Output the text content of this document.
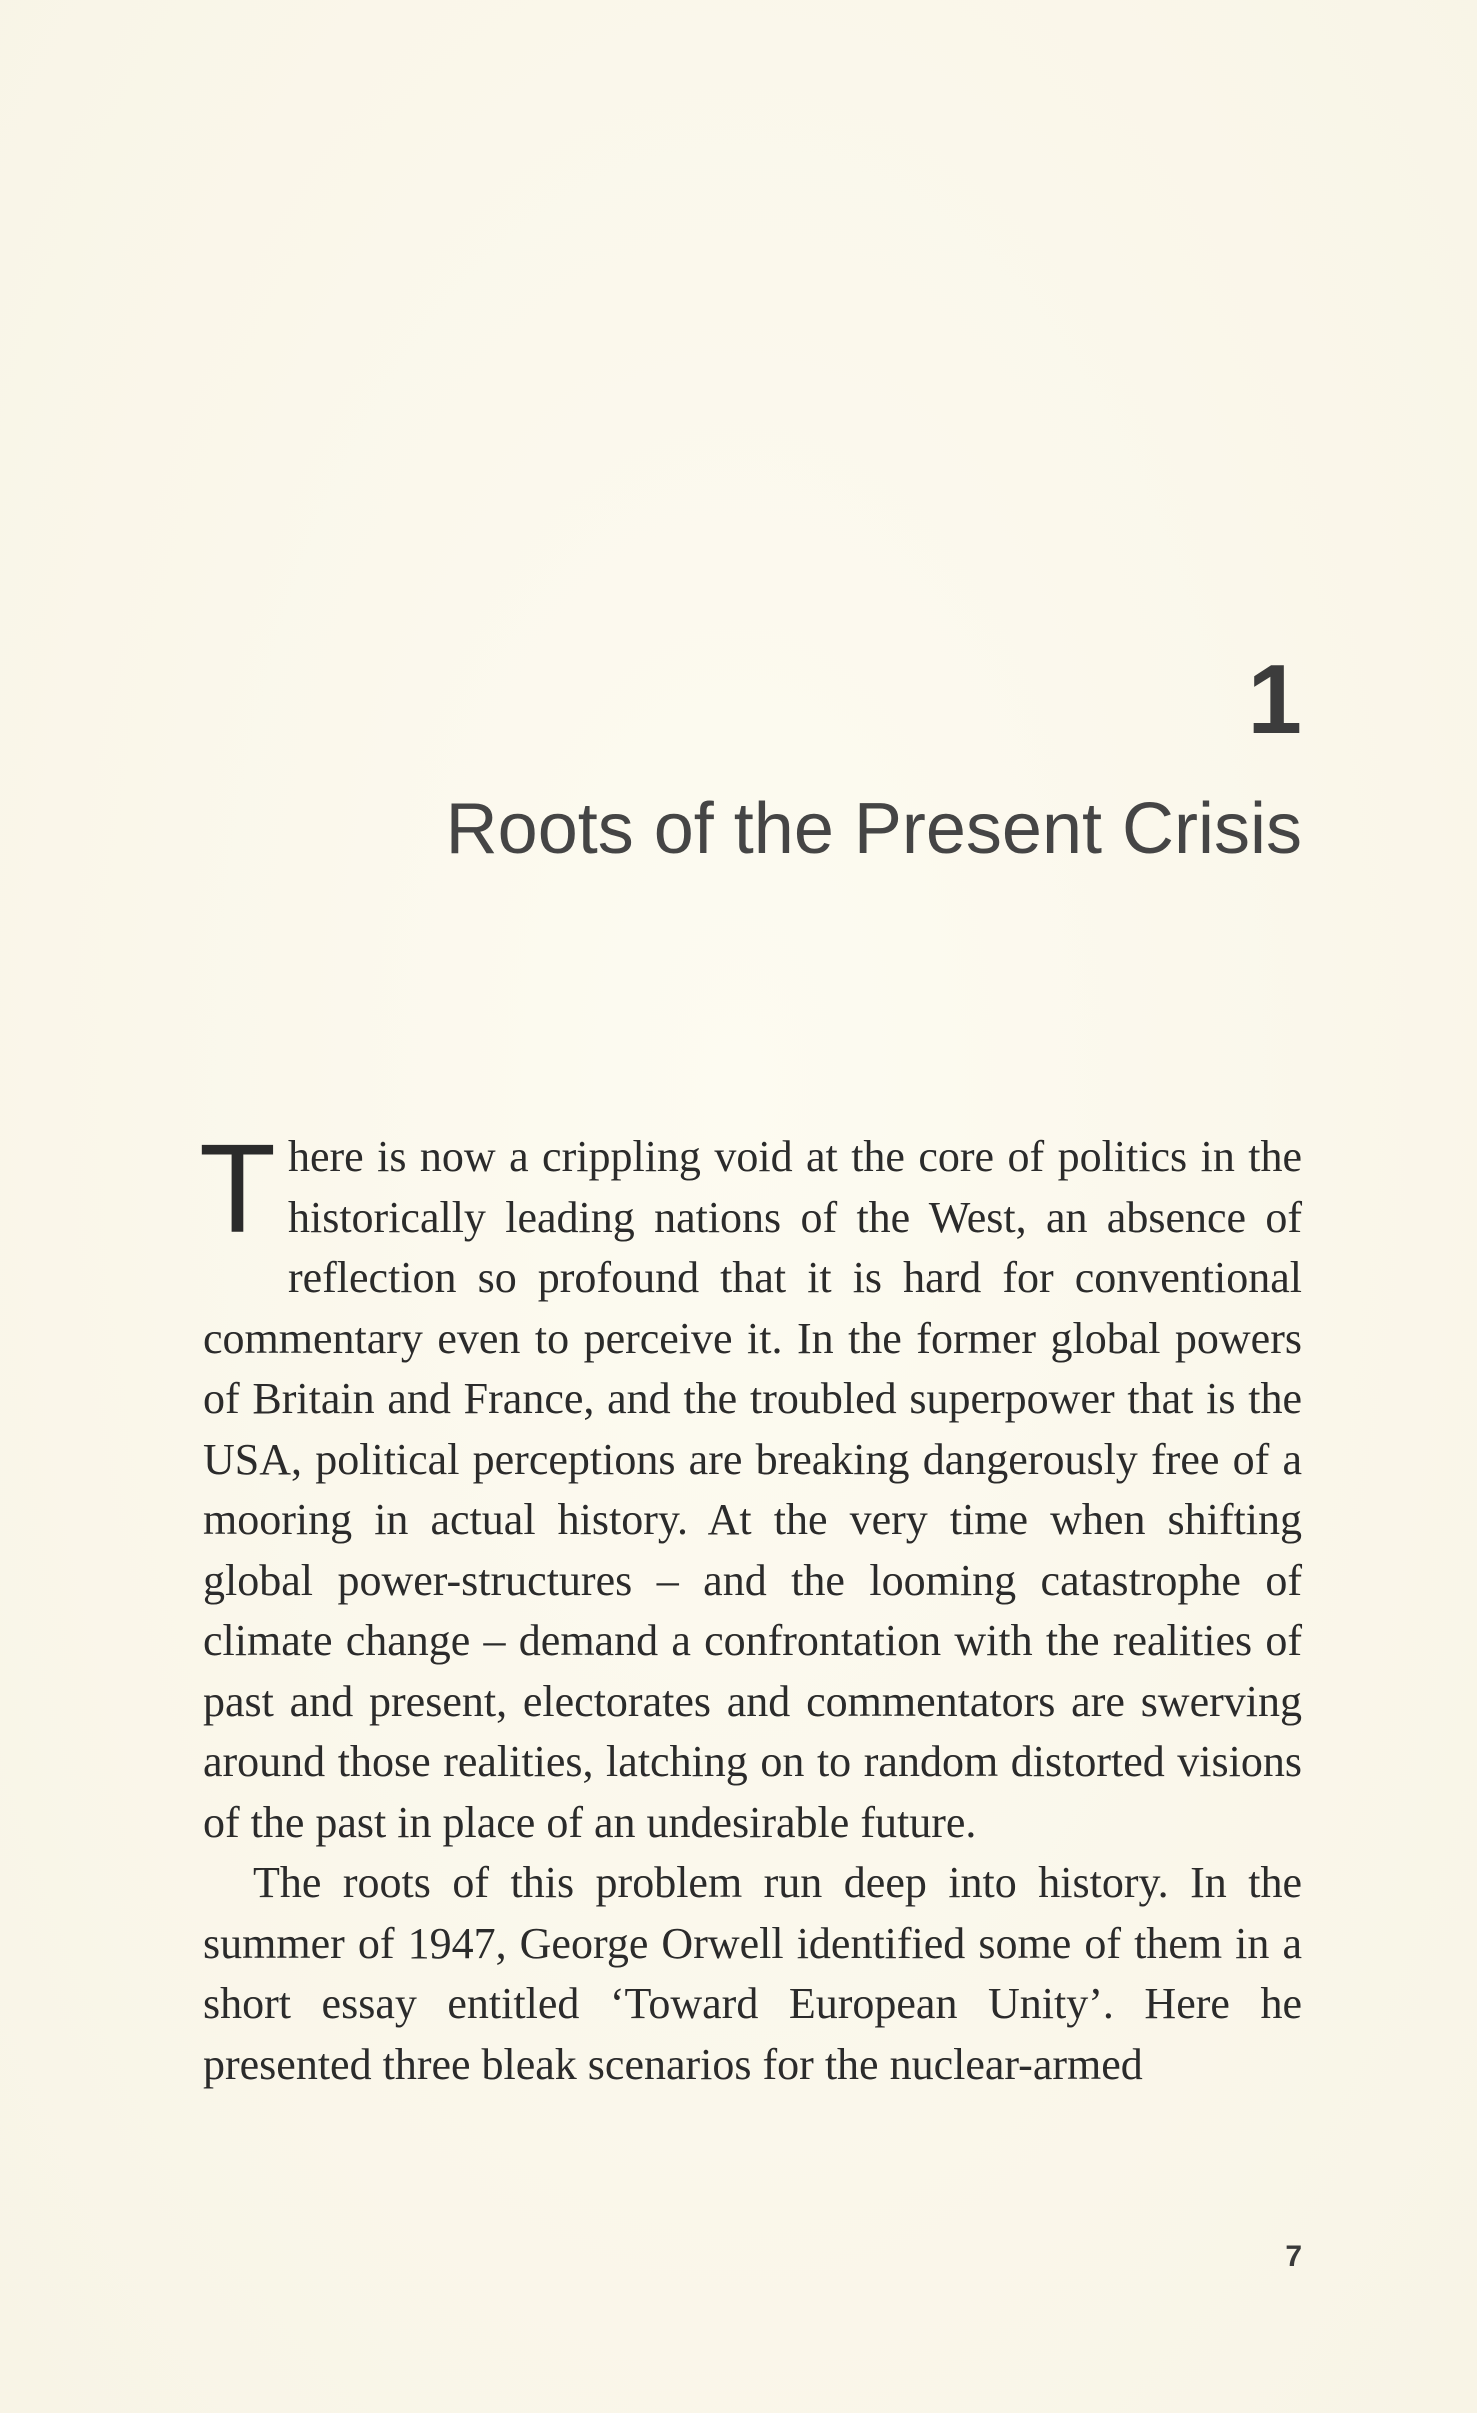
1
Roots of the Present Crisis

There is now a crippling void at the core of politics in the historically leading nations of the West, an absence of reflection so profound that it is hard for conventional commentary even to perceive it. In the former global powers of Britain and France, and the troubled superpower that is the USA, political perceptions are breaking dangerously free of a mooring in actual history. At the very time when shifting global power-structures – and the looming catastrophe of climate change – demand a confrontation with the realities of past and present, electorates and commentators are swerving around those realities, latching on to random distorted visions of the past in place of an undesirable future.

The roots of this problem run deep into history. In the summer of 1947, George Orwell identified some of them in a short essay entitled ‘Toward European Unity’. Here he presented three bleak scenarios for the nuclear-armed

7
